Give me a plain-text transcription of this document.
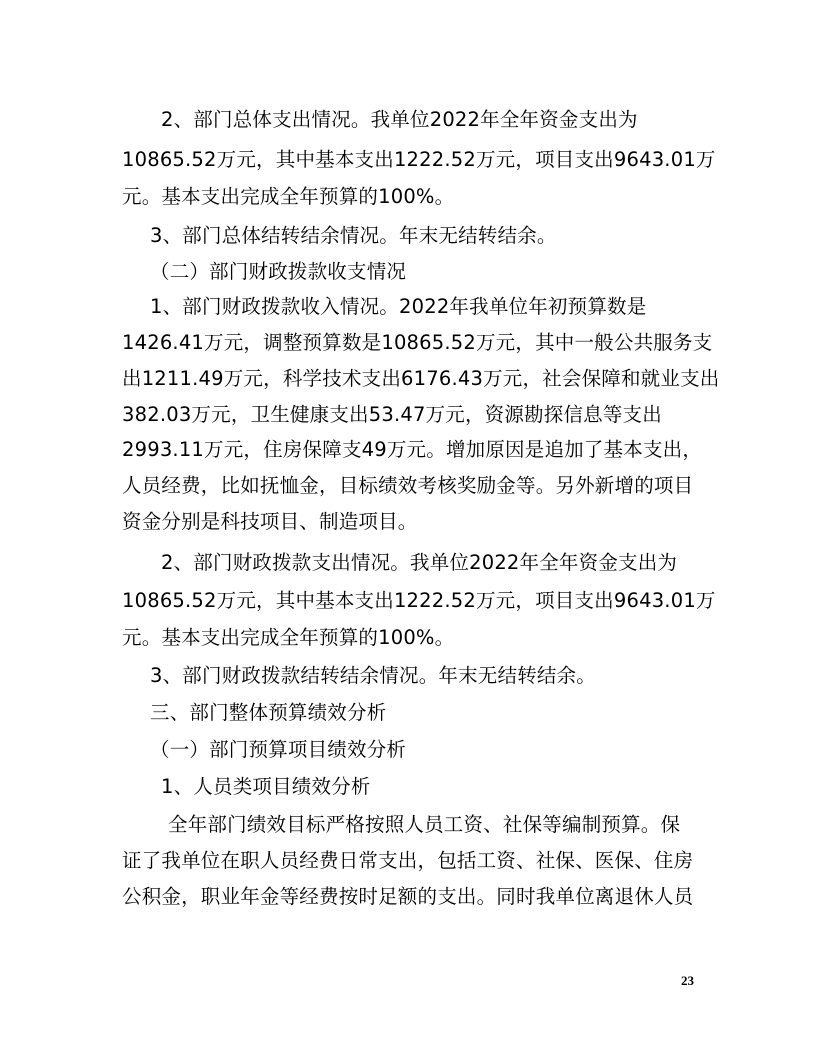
2、部门总体支出情况。我单位2022年全年资金支出为
10865.52万元，其中基本支出1222.52万元，项目支出9643.01万
元。基本支出完成全年预算的100%。
3、部门总体结转结余情况。年末无结转结余。
（二）部门财政拨款收支情况
1、部门财政拨款收入情况。2022年我单位年初预算数是
1426.41万元，调整预算数是10865.52万元，其中一般公共服务支
出1211.49万元，科学技术支出6176.43万元，社会保障和就业支出
382.03万元，卫生健康支出53.47万元，资源勘探信息等支出
2993.11万元，住房保障支49万元。增加原因是追加了基本支出，
人员经费，比如抚恤金，目标绩效考核奖励金等。另外新增的项目
资金分别是科技项目、制造项目。
2、部门财政拨款支出情况。我单位2022年全年资金支出为
10865.52万元，其中基本支出1222.52万元，项目支出9643.01万
元。基本支出完成全年预算的100%。
3、部门财政拨款结转结余情况。年末无结转结余。
三、部门整体预算绩效分析
（一）部门预算项目绩效分析
1、人员类项目绩效分析
全年部门绩效目标严格按照人员工资、社保等编制预算。保
证了我单位在职人员经费日常支出，包括工资、社保、医保、住房
公积金，职业年金等经费按时足额的支出。同时我单位离退休人员
23
